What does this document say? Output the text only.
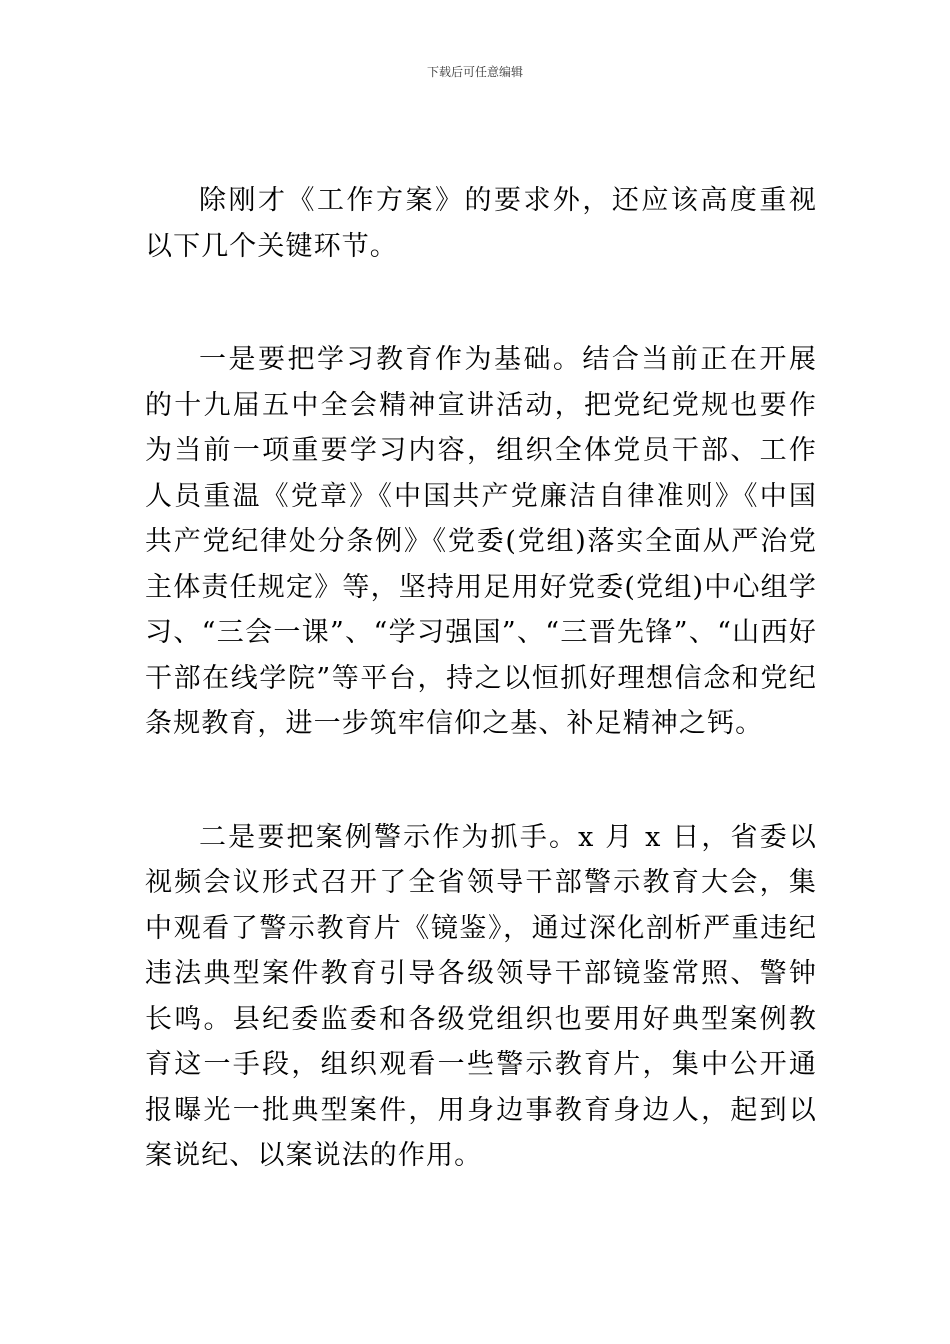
下载后可任意编辑

除刚才《工作方案》的要求外，还应该高度重视以下几个关键环节。

一是要把学习教育作为基础。结合当前正在开展的十九届五中全会精神宣讲活动，把党纪党规也要作为当前一项重要学习内容，组织全体党员干部、工作人员重温《党章》《中国共产党廉洁自律准则》《中国共产党纪律处分条例》《党委(党组)落实全面从严治党主体责任规定》等，坚持用足用好党委(党组)中心组学习、“三会一课”、“学习强国”、“三晋先锋”、“山西好干部在线学院”等平台，持之以恒抓好理想信念和党纪条规教育，进一步筑牢信仰之基、补足精神之钙。

二是要把案例警示作为抓手。x 月 x 日，省委以视频会议形式召开了全省领导干部警示教育大会，集中观看了警示教育片《镜鉴》，通过深化剖析严重违纪违法典型案件教育引导各级领导干部镜鉴常照、警钟长鸣。县纪委监委和各级党组织也要用好典型案例教育这一手段，组织观看一些警示教育片，集中公开通报曝光一批典型案件，用身边事教育身边人，起到以案说纪、以案说法的作用。
